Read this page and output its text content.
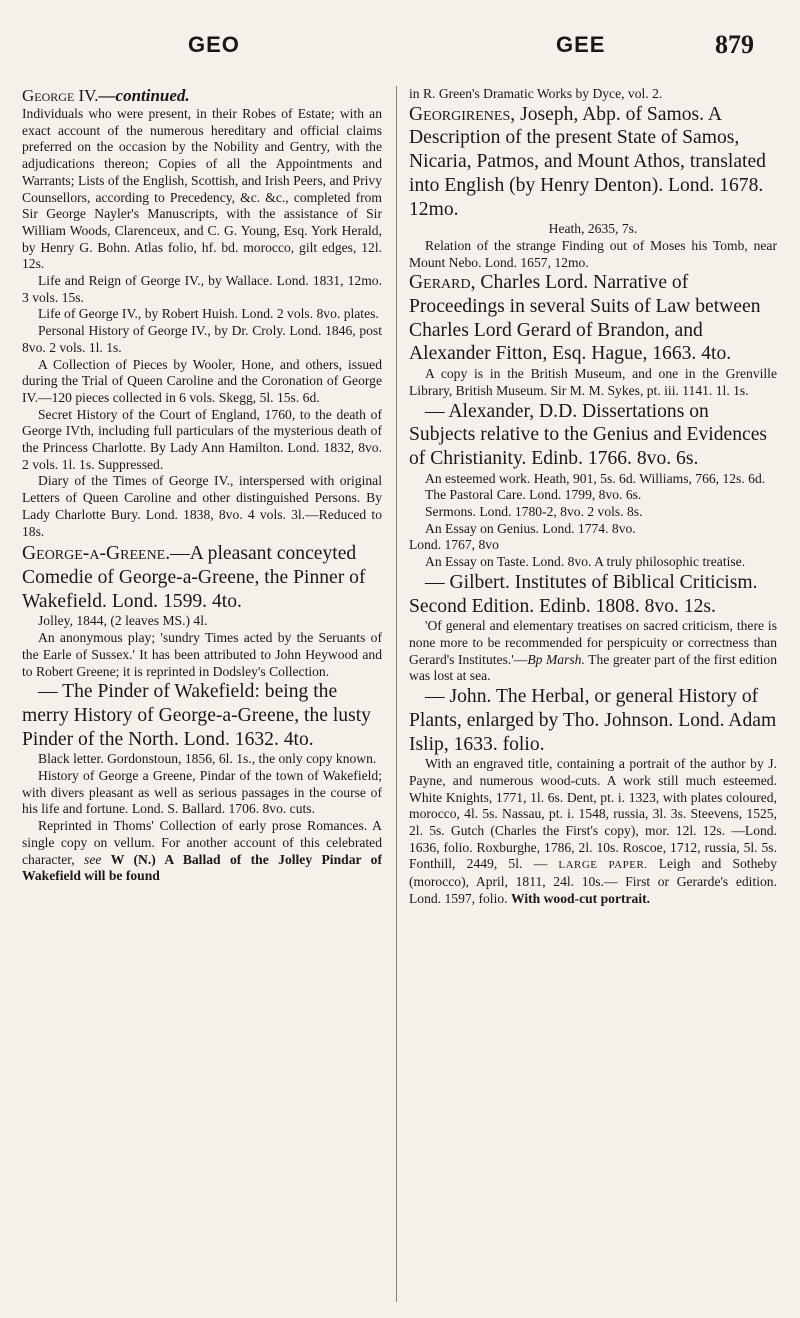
GEO	GEE	879

George IV.—continued.

Individuals who were present, in their Robes of Estate; with an exact account of the numerous hereditary and official claims preferred on the occasion by the Nobility and Gentry, with the adjudications thereon; Copies of all the Appointments and Warrants; Lists of the English, Scottish, and Irish Peers, and Privy Counsellors, according to Precedency, &c. &c., completed from Sir George Nayler's Manuscripts, with the assistance of Sir William Woods, Clarenceux, and C. G. Young, Esq. York Herald, by Henry G. Bohn. Atlas folio, hf. bd. morocco, gilt edges, 12l. 12s.

Life and Reign of George IV., by Wallace. Lond. 1831, 12mo. 3 vols. 15s.

Life of George IV., by Robert Huish. Lond. 2 vols. 8vo. plates.

Personal History of George IV., by Dr. Croly. Lond. 1846, post 8vo. 2 vols. 1l. 1s.

A Collection of Pieces by Wooler, Hone, and others, issued during the Trial of Queen Caroline and the Coronation of George IV.—120 pieces collected in 6 vols. Skegg, 5l. 15s. 6d.

Secret History of the Court of England, 1760, to the death of George IVth, including full particulars of the mysterious death of the Princess Charlotte. By Lady Ann Hamilton. Lond. 1832, 8vo. 2 vols. 1l. 1s. Suppressed.

Diary of the Times of George IV., interspersed with original Letters of Queen Caroline and other distinguished Persons. By Lady Charlotte Bury. Lond. 1838, 8vo. 4 vols. 3l.—Reduced to 18s.

George-a-Greene.—A pleasant conceyted Comedie of George-a-Greene, the Pinner of Wakefield. Lond. 1599. 4to.

Jolley, 1844, (2 leaves MS.) 4l.

An anonymous play; 'sundry Times acted by the Seruants of the Earle of Sussex.' It has been attributed to John Heywood and to Robert Greene; it is reprinted in Dodsley's Collection.

— The Pinder of Wakefield: being the merry History of George-a-Greene, the lusty Pinder of the North. Lond. 1632. 4to.

Black letter. Gordonstoun, 1856, 6l. 1s., the only copy known.

History of George a Greene, Pindar of the town of Wakefield; with divers pleasant as well as serious passages in the course of his life and fortune. Lond. S. Ballard. 1706. 8vo. cuts.

Reprinted in Thoms' Collection of early prose Romances. A single copy on vellum. For another account of this celebrated character, see W (N.) A Ballad of the Jolley Pindar of Wakefield will be found

in R. Green's Dramatic Works by Dyce, vol. 2.

Georgirenes, Joseph, Abp. of Samos. A Description of the present State of Samos, Nicaria, Patmos, and Mount Athos, translated into English (by Henry Denton). Lond. 1678. 12mo.

Heath, 2635, 7s.

Relation of the strange Finding out of Moses his Tomb, near Mount Nebo. Lond. 1657, 12mo.

Gerard, Charles Lord. Narrative of Proceedings in several Suits of Law between Charles Lord Gerard of Brandon, and Alexander Fitton, Esq. Hague, 1663. 4to.

A copy is in the British Museum, and one in the Grenville Library, British Museum. Sir M. M. Sykes, pt. iii. 1141. 1l. 1s.

— Alexander, D.D. Dissertations on Subjects relative to the Genius and Evidences of Christianity. Edinb. 1766. 8vo. 6s.

An esteemed work. Heath, 901, 5s. 6d. Williams, 766, 12s. 6d.

The Pastoral Care. Lond. 1799, 8vo. 6s.

Sermons. Lond. 1780-2, 8vo. 2 vols. 8s.

An Essay on Genius. Lond. 1774. 8vo.

Lond. 1767, 8vo

An Essay on Taste. Lond. 8vo. A truly philosophic treatise.

— Gilbert. Institutes of Biblical Criticism. Second Edition. Edinb. 1808. 8vo. 12s.

'Of general and elementary treatises on sacred criticism, there is none more to be recommended for perspicuity or correctness than Gerard's Institutes.'—Bp Marsh. The greater part of the first edition was lost at sea.

— John. The Herbal, or general History of Plants, enlarged by Tho. Johnson. Lond. Adam Islip, 1633. folio.

With an engraved title, containing a portrait of the author by J. Payne, and numerous wood-cuts. A work still much esteemed. White Knights, 1771, 1l. 6s. Dent, pt. i. 1323, with plates coloured, morocco, 4l. 5s. Nassau, pt. i. 1548, russia, 3l. 3s. Steevens, 1525, 2l. 5s. Gutch (Charles the First's copy), mor. 12l. 12s. —Lond. 1636, folio. Roxburghe, 1786, 2l. 10s. Roscoe, 1712, russia, 5l. 5s. Fonthill, 2449, 5l. — LARGE PAPER. Leigh and Sotheby (morocco), April, 1811, 24l. 10s.— First or Gerarde's edition. Lond. 1597, folio. With wood-cut portrait.
